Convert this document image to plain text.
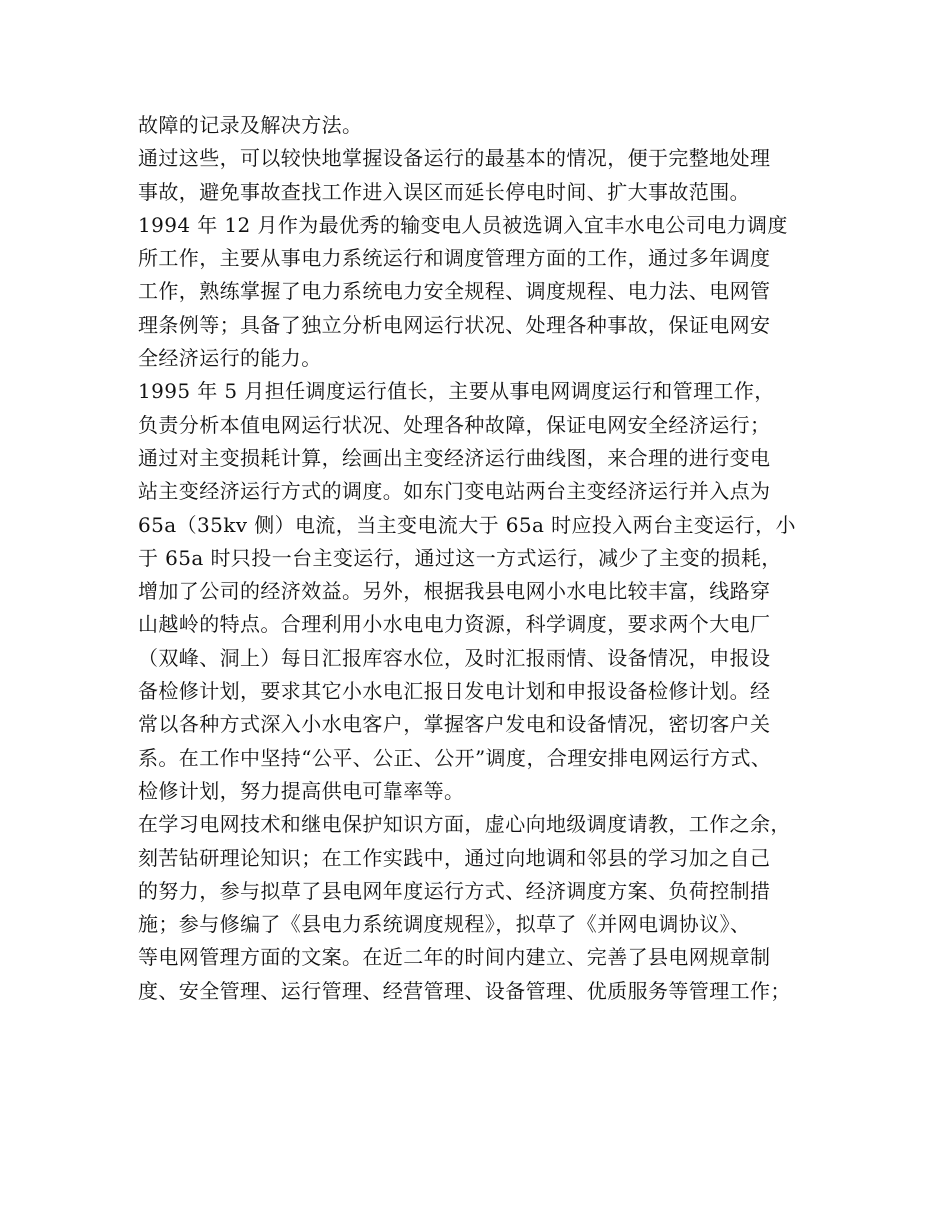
故障的记录及解决方法。
通过这些，可以较快地掌握设备运行的最基本的情况，便于完整地处理
事故，避免事故查找工作进入误区而延长停电时间、扩大事故范围。
1994 年 12 月作为最优秀的输变电人员被选调入宜丰水电公司电力调度
所工作，主要从事电力系统运行和调度管理方面的工作，通过多年调度
工作，熟练掌握了电力系统电力安全规程、调度规程、电力法、电网管
理条例等；具备了独立分析电网运行状况、处理各种事故，保证电网安
全经济运行的能力。
1995 年 5 月担任调度运行值长，主要从事电网调度运行和管理工作，
负责分析本值电网运行状况、处理各种故障，保证电网安全经济运行；
通过对主变损耗计算，绘画出主变经济运行曲线图，来合理的进行变电
站主变经济运行方式的调度。如东门变电站两台主变经济运行并入点为
65a（35kv 侧）电流，当主变电流大于 65a 时应投入两台主变运行，小
于 65a 时只投一台主变运行，通过这一方式运行，减少了主变的损耗，
增加了公司的经济效益。另外，根据我县电网小水电比较丰富，线路穿
山越岭的特点。合理利用小水电电力资源，科学调度，要求两个大电厂
（双峰、洞上）每日汇报库容水位，及时汇报雨情、设备情况，申报设
备检修计划，要求其它小水电汇报日发电计划和申报设备检修计划。经
常以各种方式深入小水电客户，掌握客户发电和设备情况，密切客户关
系。在工作中坚持“公平、公正、公开”调度，合理安排电网运行方式、
检修计划，努力提高供电可靠率等。
在学习电网技术和继电保护知识方面，虚心向地级调度请教，工作之余，
刻苦钻研理论知识；在工作实践中，通过向地调和邻县的学习加之自己
的努力，参与拟草了县电网年度运行方式、经济调度方案、负荷控制措
施；参与修编了《县电力系统调度规程》，拟草了《并网电调协议》、
等电网管理方面的文案。在近二年的时间内建立、完善了县电网规章制
度、安全管理、运行管理、经营管理、设备管理、优质服务等管理工作；
